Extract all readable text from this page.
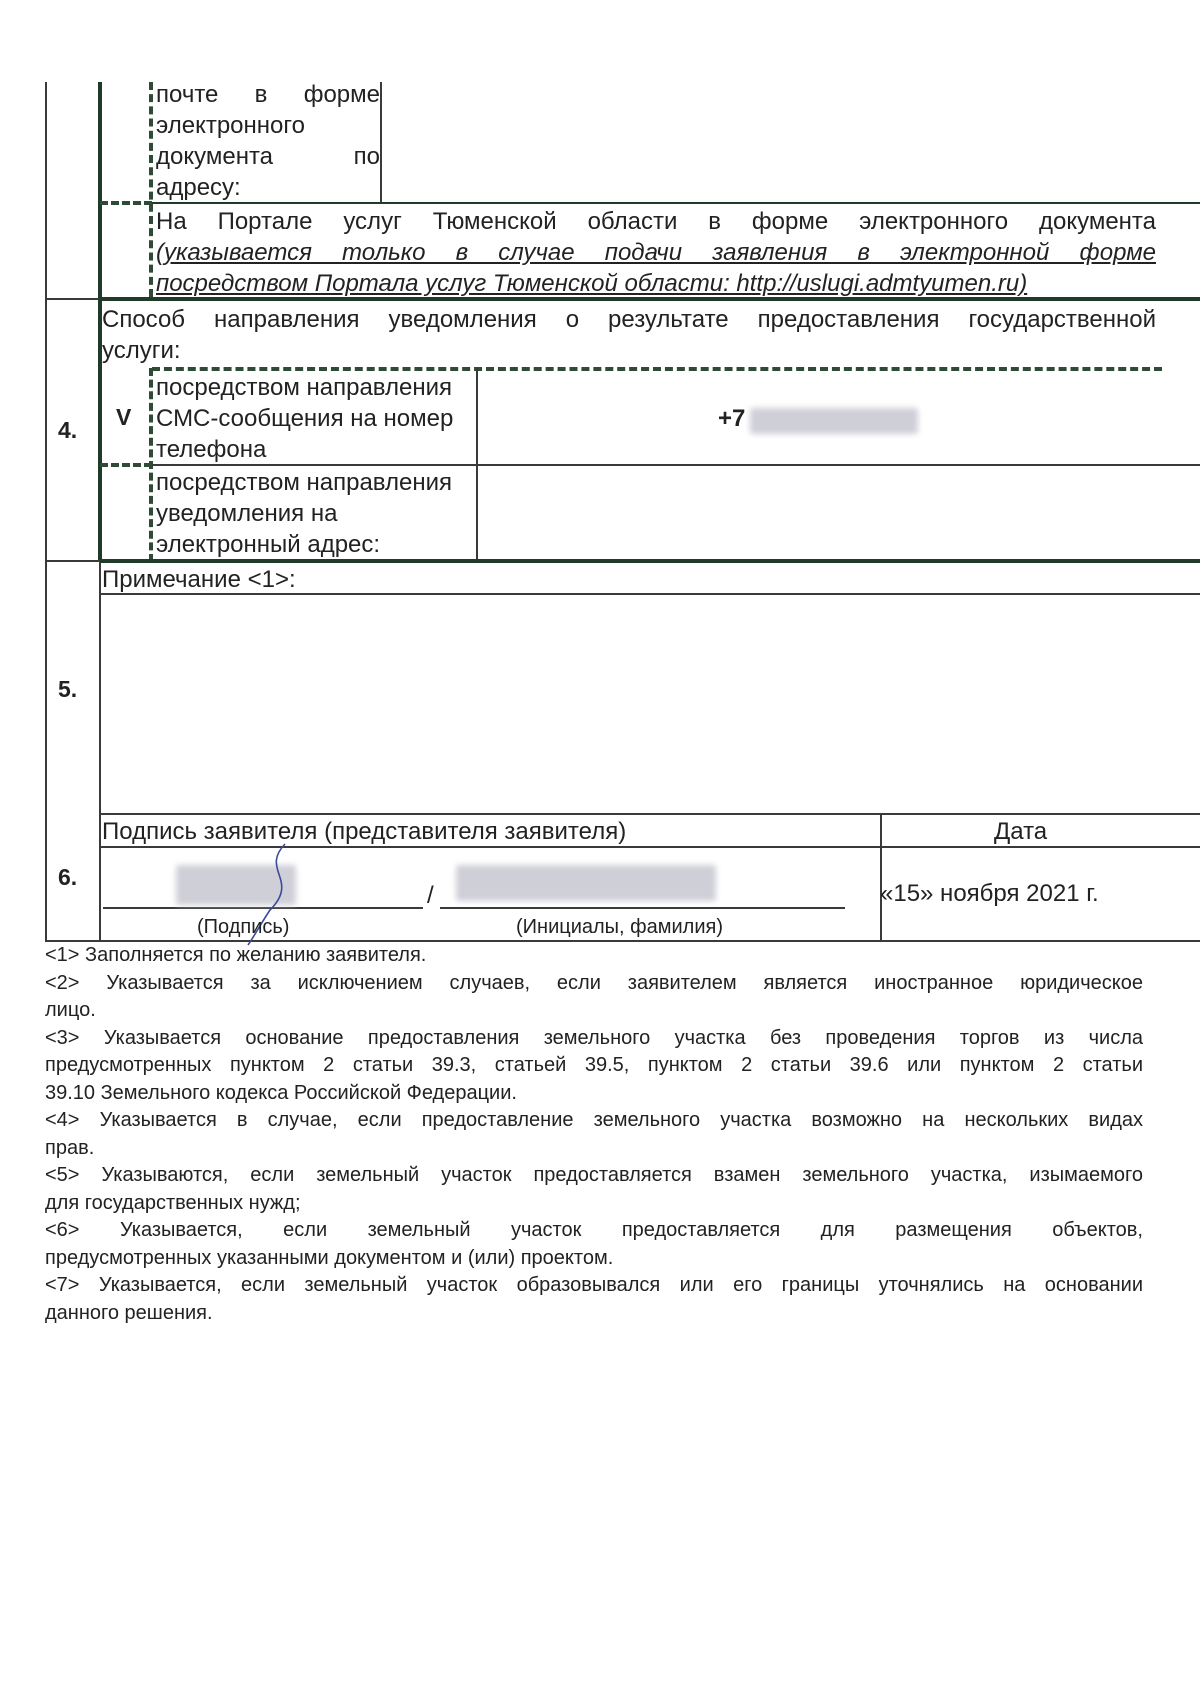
почте в форме
электронного
документа по
адресу:
На Портале услуг Тюменской области в форме электронного документа
(указывается только в случае подачи заявления в электронной форме
посредством Портала услуг Тюменской области: http://uslugi.admtyumen.ru)
4.
Способ направления уведомления о результате предоставления государственной
услуги:
V
посредством направления
СМС-сообщения на номер
телефона
+7
посредством направления
уведомления на
электронный адрес:
Примечание <1>:
5.
Подпись заявителя (представителя заявителя)	Дата
6.
/
(Подпись)	(Инициалы, фамилия)
«15» ноября 2021 г.
<1> Заполняется по желанию заявителя.
<2> Указывается за исключением случаев, если заявителем является иностранное юридическое
лицо.
<3> Указывается основание предоставления земельного участка без проведения торгов из числа
предусмотренных пунктом 2 статьи 39.3, статьей 39.5, пунктом 2 статьи 39.6 или пунктом 2 статьи
39.10 Земельного кодекса Российской Федерации.
<4> Указывается в случае, если предоставление земельного участка возможно на нескольких видах
прав.
<5> Указываются, если земельный участок предоставляется взамен земельного участка, изымаемого
для государственных нужд;
<6> Указывается, если земельный участок предоставляется для размещения объектов,
предусмотренных указанными документом и (или) проектом.
<7> Указывается, если земельный участок образовывался или его границы уточнялись на основании
данного решения.
